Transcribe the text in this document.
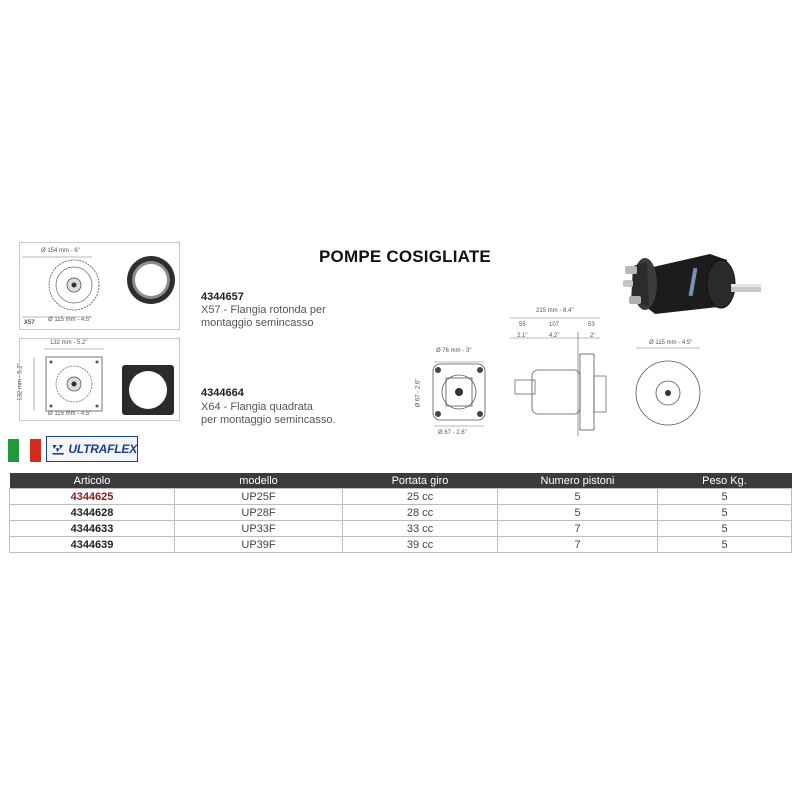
Ø 154 mm - 6"
X57 Ø 115 mm - 4.5"
132 mm - 5.2"
132 mm - 5.2"
Ø 115 mm - 4.5"
POMPE COSIGLIATE
4344657
X57 - Flangia rotonda per
montaggio semincasso
4344664
X64 - Flangia quadrata
per montaggio semincasso.
Ø 76 mm - 3"
Ø 67 - 2.6"
Ø 67 - 2.6"
215 mm - 8.4"
55	107	53
2.1"	4.2"	2"
Ø 115 mm - 4.5"
ULTRAFLEX
Articolo	modello	Portata giro	Numero pistoni	Peso Kg.
4344625	UP25F	25 cc	5	5
4344628	UP28F	28 cc	5	5
4344633	UP33F	33 cc	7	5
4344639	UP39F	39 cc	7	5
